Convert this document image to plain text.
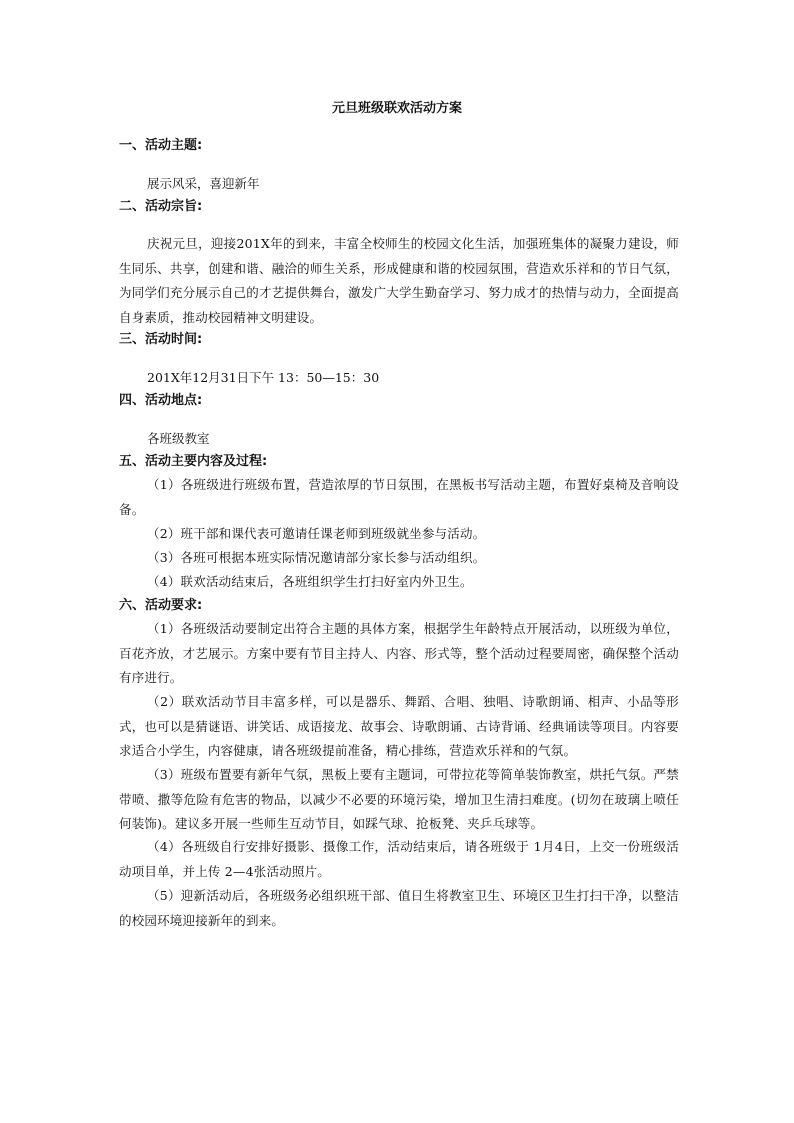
元旦班级联欢活动方案
一、活动主题:
展示风采，喜迎新年
二、活动宗旨:
庆祝元旦，迎接201X年的到来，丰富全校师生的校园文化生活，加强班集体的凝聚力建设，师生同乐、共享，创建和谐、融洽的师生关系，形成健康和谐的校园氛围，营造欢乐祥和的节日气氛，为同学们充分展示自己的才艺提供舞台，激发广大学生勤奋学习、努力成才的热情与动力，全面提高自身素质，推动校园精神文明建设。
三、活动时间:
201X年12月31日下午 13：50—15：30
四、活动地点:
各班级教室
五、活动主要内容及过程:
（1）各班级进行班级布置，营造浓厚的节日氛围，在黑板书写活动主题，布置好桌椅及音响设备。
（2）班干部和课代表可邀请任课老师到班级就坐参与活动。
（3）各班可根据本班实际情况邀请部分家长参与活动组织。
（4）联欢活动结束后，各班组织学生打扫好室内外卫生。
六、活动要求:
（1）各班级活动要制定出符合主题的具体方案，根据学生年龄特点开展活动，以班级为单位，百花齐放，才艺展示。方案中要有节目主持人、内容、形式等，整个活动过程要周密，确保整个活动有序进行。
（2）联欢活动节目丰富多样，可以是器乐、舞蹈、合唱、独唱、诗歌朗诵、相声、小品等形式，也可以是猜谜语、讲笑话、成语接龙、故事会、诗歌朗诵、古诗背诵、经典诵读等项目。内容要求适合小学生，内容健康，请各班级提前准备，精心排练，营造欢乐祥和的气氛。
（3）班级布置要有新年气氛，黑板上要有主题词，可带拉花等简单装饰教室，烘托气氛。严禁带喷、撒等危险有危害的物品，以减少不必要的环境污染，增加卫生清扫难度。(切勿在玻璃上喷任何装饰)。建议多开展一些师生互动节目，如踩气球、抢板凳、夹乒乓球等。
（4）各班级自行安排好摄影、摄像工作，活动结束后，请各班级于 1月4日，上交一份班级活动项目单，并上传 2—4张活动照片。
（5）迎新活动后，各班级务必组织班干部、值日生将教室卫生、环境区卫生打扫干净，以整洁的校园环境迎接新年的到来。
